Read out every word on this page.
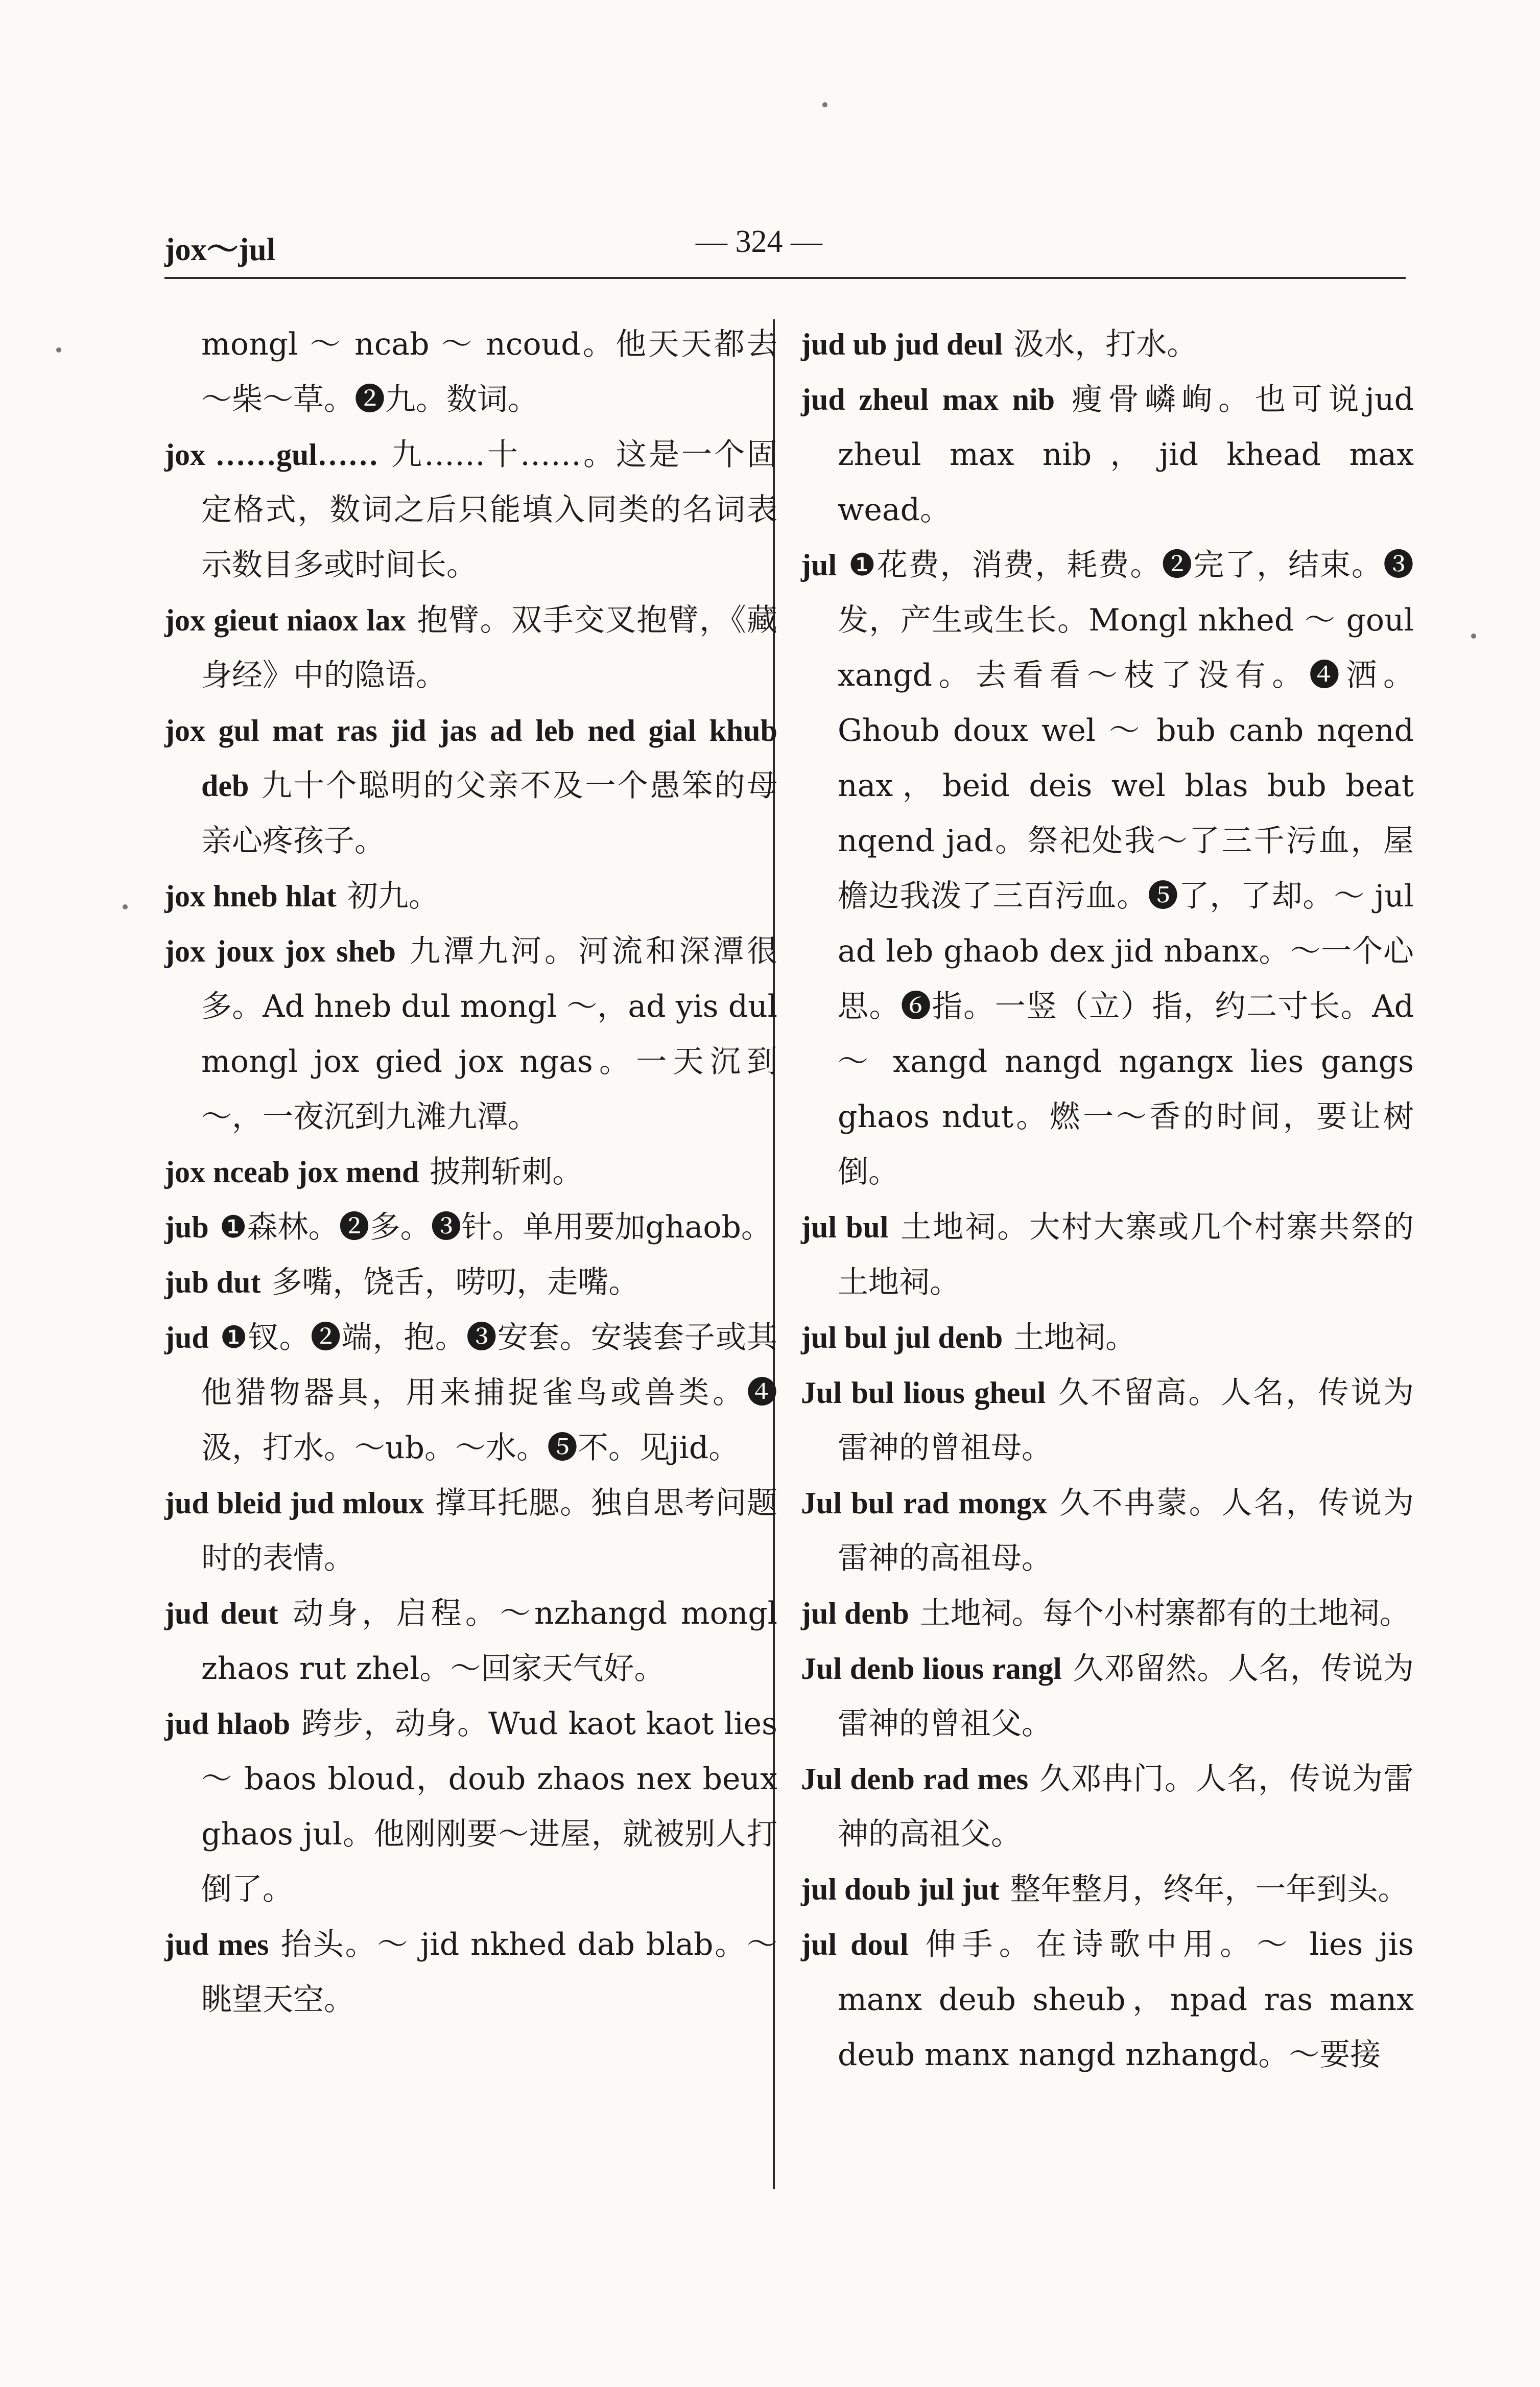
jox～jul	— 324 —
mongl ～ ncab ～ ncoud。他天天都去～柴～草。❷九。数词。
jox ……gul…… 九……十……。这是一个固定格式，数词之后只能填入同类的名词表示数目多或时间长。
jox gieut niaox lax 抱臂。双手交叉抱臂，《藏身经》中的隐语。
jox gul mat ras jid jas ad leb ned gial khub deb 九十个聪明的父亲不及一个愚笨的母亲心疼孩子。
jox hneb hlat 初九。
jox joux jox sheb 九潭九河。河流和深潭很多。Ad hneb dul mongl ～，ad yis dul mongl jox gied jox ngas。一天沉到～，一夜沉到九滩九潭。
jox nceab jox mend 披荆斩刺。
jub ❶森林。❷多。❸针。单用要加ghaob。
jub dut 多嘴，饶舌，唠叨，走嘴。
jud ❶钗。❷端，抱。❸安套。安装套子或其他猎物器具，用来捕捉雀鸟或兽类。❹汲，打水。～ub。～水。❺不。见jid。
jud bleid jud mloux 撑耳托腮。独自思考问题时的表情。
jud deut 动身，启程。～nzhangd mongl zhaos rut zhel。～回家天气好。
jud hlaob 跨步，动身。Wud kaot kaot lies ～ baos bloud，doub zhaos nex beux ghaos jul。他刚刚要～进屋，就被别人打倒了。
jud mes 抬头。～ jid nkhed dab blab。～眺望天空。
jud ub jud deul 汲水，打水。
jud zheul max nib 瘦骨嶙峋。也可说jud zheul max nib，jid khead max wead。
jul ❶花费，消费，耗费。❷完了，结束。❸发，产生或生长。Mongl nkhed ～ goul xangd。去看看～枝了没有。❹洒。Ghoub doux wel ～ bub canb nqend nax，beid deis wel blas bub beat nqend jad。祭祀处我～了三千污血，屋檐边我泼了三百污血。❺了，了却。～ jul ad leb ghaob dex jid nbanx。～一个心思。❻指。一竖（立）指，约二寸长。Ad ～ xangd nangd ngangx lies gangs ghaos ndut。燃一～香的时间，要让树倒。
jul bul 土地祠。大村大寨或几个村寨共祭的土地祠。
jul bul jul denb 土地祠。
Jul bul lious gheul 久不留高。人名，传说为雷神的曾祖母。
Jul bul rad mongx 久不冉蒙。人名，传说为雷神的高祖母。
jul denb 土地祠。每个小村寨都有的土地祠。
Jul denb lious rangl 久邓留然。人名，传说为雷神的曾祖父。
Jul denb rad mes 久邓冉门。人名，传说为雷神的高祖父。
jul doub jul jut 整年整月，终年，一年到头。
jul doul 伸手。在诗歌中用。～ lies jis manx deub sheub，npad ras manx deub manx nangd nzhangd。～要接
